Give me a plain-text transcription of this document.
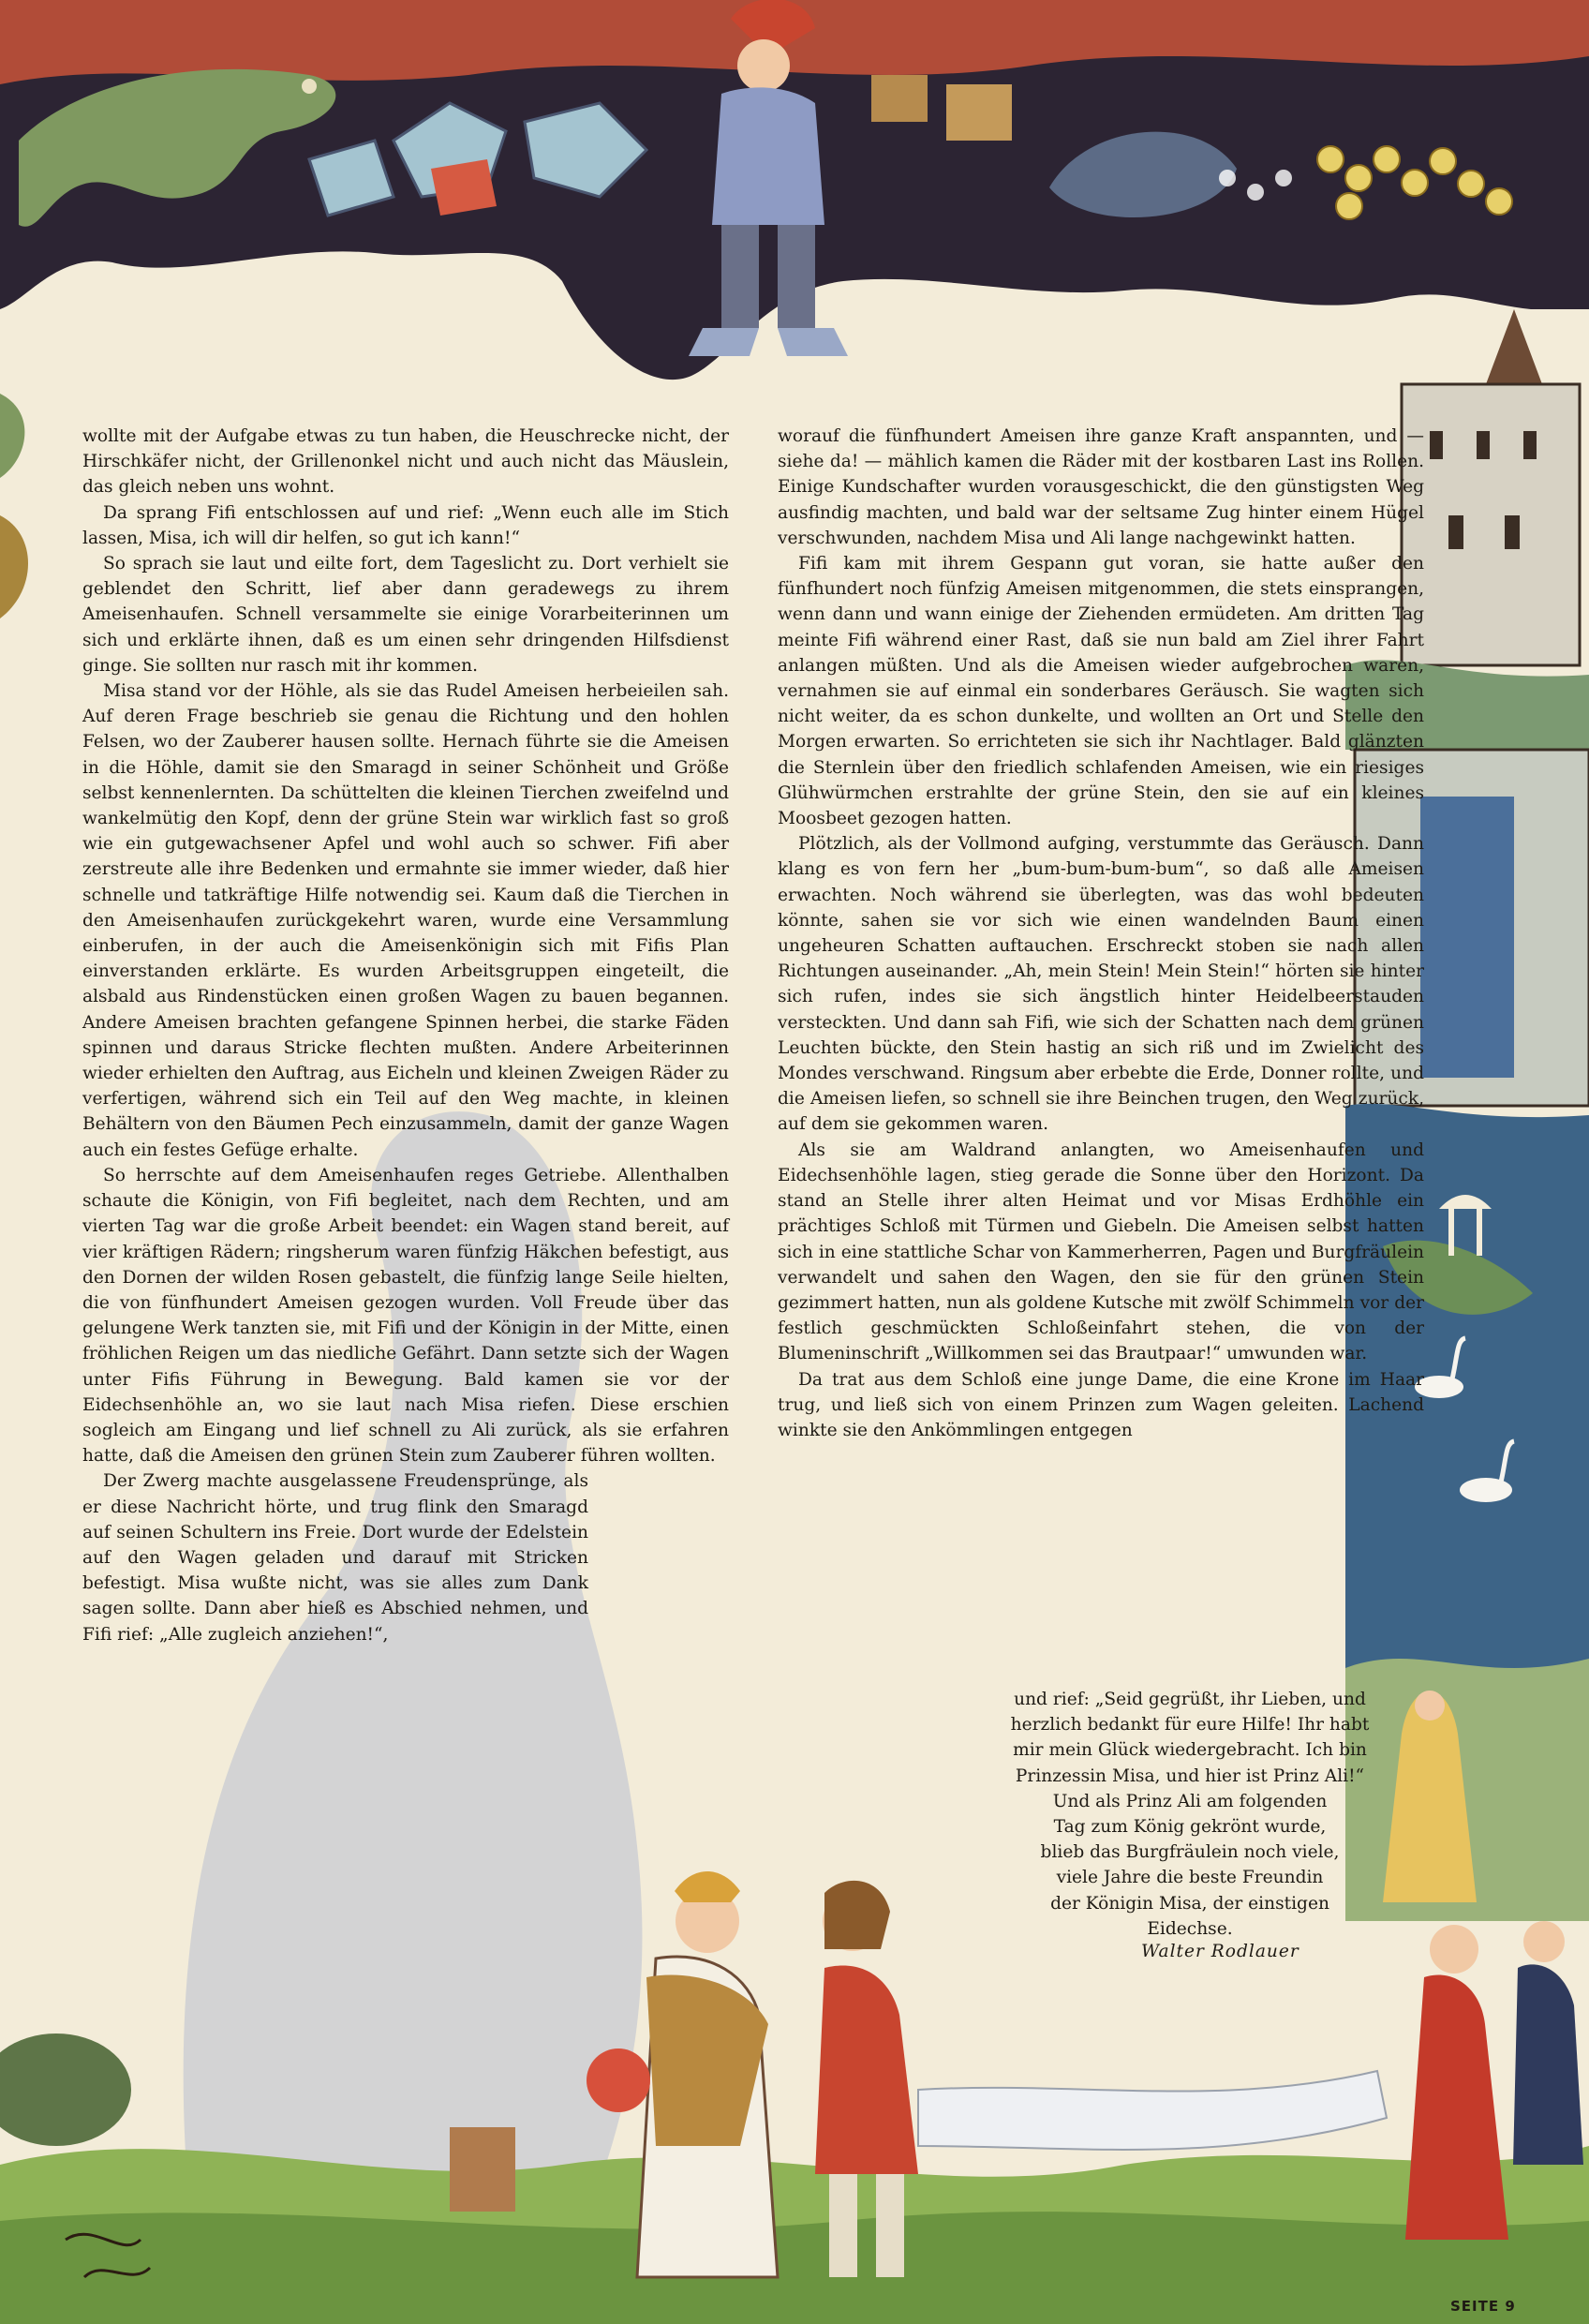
wollte mit der Aufgabe etwas zu tun haben, die Heuschrecke nicht, der Hirschkäfer nicht, der Grillenonkel nicht und auch nicht das Mäuslein, das gleich neben uns wohnt.

Da sprang Fifi entschlossen auf und rief: „Wenn euch alle im Stich lassen, Misa, ich will dir helfen, so gut ich kann!“

So sprach sie laut und eilte fort, dem Tageslicht zu. Dort verhielt sie geblendet den Schritt, lief aber dann geradewegs zu ihrem Ameisenhaufen. Schnell versammelte sie einige Vorarbeiterinnen um sich und erklärte ihnen, daß es um einen sehr dringenden Hilfsdienst ginge. Sie sollten nur rasch mit ihr kommen.

Misa stand vor der Höhle, als sie das Rudel Ameisen herbeieilen sah. Auf deren Frage beschrieb sie genau die Richtung und den hohlen Felsen, wo der Zauberer hausen sollte. Hernach führte sie die Ameisen in die Höhle, damit sie den Smaragd in seiner Schönheit und Größe selbst kennenlernten. Da schüttelten die kleinen Tierchen zweifelnd und wankelmütig den Kopf, denn der grüne Stein war wirklich fast so groß wie ein gutgewachsener Apfel und wohl auch so schwer. Fifi aber zerstreute alle ihre Bedenken und ermahnte sie immer wieder, daß hier schnelle und tatkräftige Hilfe notwendig sei. Kaum daß die Tierchen in den Ameisenhaufen zurückgekehrt waren, wurde eine Versammlung einberufen, in der auch die Ameisenkönigin sich mit Fifis Plan einverstanden erklärte. Es wurden Arbeitsgruppen eingeteilt, die alsbald aus Rindenstücken einen großen Wagen zu bauen begannen. Andere Ameisen brachten gefangene Spinnen herbei, die starke Fäden spinnen und daraus Stricke flechten mußten. Andere Arbeiterinnen wieder erhielten den Auftrag, aus Eicheln und kleinen Zweigen Räder zu verfertigen, während sich ein Teil auf den Weg machte, in kleinen Behältern von den Bäumen Pech einzusammeln, damit der ganze Wagen auch ein festes Gefüge erhalte.

So herrschte auf dem Ameisenhaufen reges Getriebe. Allenthalben schaute die Königin, von Fifi begleitet, nach dem Rechten, und am vierten Tag war die große Arbeit beendet: ein Wagen stand bereit, auf vier kräftigen Rädern; ringsherum waren fünfzig Häkchen befestigt, aus den Dornen der wilden Rosen gebastelt, die fünfzig lange Seile hielten, die von fünfhundert Ameisen gezogen wurden. Voll Freude über das gelungene Werk tanzten sie, mit Fifi und der Königin in der Mitte, einen fröhlichen Reigen um das niedliche Gefährt. Dann setzte sich der Wagen unter Fifis Führung in Bewegung. Bald kamen sie vor der Eidechsenhöhle an, wo sie laut nach Misa riefen. Diese erschien sogleich am Eingang und lief schnell zu Ali zurück, als sie erfahren hatte, daß die Ameisen den grünen Stein zum Zauberer führen wollten.

Der Zwerg machte ausgelassene Freudensprünge, als er diese Nachricht hörte, und trug flink den Smaragd auf seinen Schultern ins Freie. Dort wurde der Edelstein auf den Wagen geladen und darauf mit Stricken befestigt. Misa wußte nicht, was sie alles zum Dank sagen sollte. Dann aber hieß es Abschied nehmen, und Fifi rief: „Alle zugleich anziehen!“,

worauf die fünfhundert Ameisen ihre ganze Kraft anspannten, und — siehe da! — mählich kamen die Räder mit der kostbaren Last ins Rollen. Einige Kundschafter wurden vorausgeschickt, die den günstigsten Weg ausfindig machten, und bald war der seltsame Zug hinter einem Hügel verschwunden, nachdem Misa und Ali lange nachgewinkt hatten.

Fifi kam mit ihrem Gespann gut voran, sie hatte außer den fünfhundert noch fünfzig Ameisen mitgenommen, die stets einsprangen, wenn dann und wann einige der Ziehenden ermüdeten. Am dritten Tag meinte Fifi während einer Rast, daß sie nun bald am Ziel ihrer Fahrt anlangen müßten. Und als die Ameisen wieder aufgebrochen waren, vernahmen sie auf einmal ein sonderbares Geräusch. Sie wagten sich nicht weiter, da es schon dunkelte, und wollten an Ort und Stelle den Morgen erwarten. So errichteten sie sich ihr Nachtlager. Bald glänzten die Sternlein über den friedlich schlafenden Ameisen, wie ein riesiges Glühwürmchen erstrahlte der grüne Stein, den sie auf ein kleines Moosbeet gezogen hatten.

Plötzlich, als der Vollmond aufging, verstummte das Geräusch. Dann klang es von fern her „bum-bum-bum-bum“, so daß alle Ameisen erwachten. Noch während sie überlegten, was das wohl bedeuten könnte, sahen sie vor sich wie einen wandelnden Baum einen ungeheuren Schatten auftauchen. Erschreckt stoben sie nach allen Richtungen auseinander. „Ah, mein Stein! Mein Stein!“ hörten sie hinter sich rufen, indes sie sich ängstlich hinter Heidelbeerstauden versteckten. Und dann sah Fifi, wie sich der Schatten nach dem grünen Leuchten bückte, den Stein hastig an sich riß und im Zwielicht des Mondes verschwand. Ringsum aber erbebte die Erde, Donner rollte, und die Ameisen liefen, so schnell sie ihre Beinchen trugen, den Weg zurück, auf dem sie gekommen waren.

Als sie am Waldrand anlangten, wo Ameisenhaufen und Eidechsenhöhle lagen, stieg gerade die Sonne über den Horizont. Da stand an Stelle ihrer alten Heimat und vor Misas Erdhöhle ein prächtiges Schloß mit Türmen und Giebeln. Die Ameisen selbst hatten sich in eine stattliche Schar von Kammerherren, Pagen und Burgfräulein verwandelt und sahen den Wagen, den sie für den grünen Stein gezimmert hatten, nun als goldene Kutsche mit zwölf Schimmeln vor der festlich geschmückten Schloßeinfahrt stehen, die von der Blumeninschrift „Willkommen sei das Brautpaar!“ umwunden war.

Da trat aus dem Schloß eine junge Dame, die eine Krone im Haar trug, und ließ sich von einem Prinzen zum Wagen geleiten. Lachend winkte sie den Ankömmlingen entgegen

und rief: „Seid gegrüßt, ihr Lieben, und

herzlich bedankt für eure Hilfe! Ihr habt

mir mein Glück wiedergebracht. Ich bin

Prinzessin Misa, und hier ist Prinz Ali!“

Und als Prinz Ali am folgenden

Tag zum König gekrönt wurde,

blieb das Burgfräulein noch viele,

viele Jahre die beste Freundin

der Königin Misa, der einstigen

Eidechse.

Walter Rodlauer
SEITE 9
